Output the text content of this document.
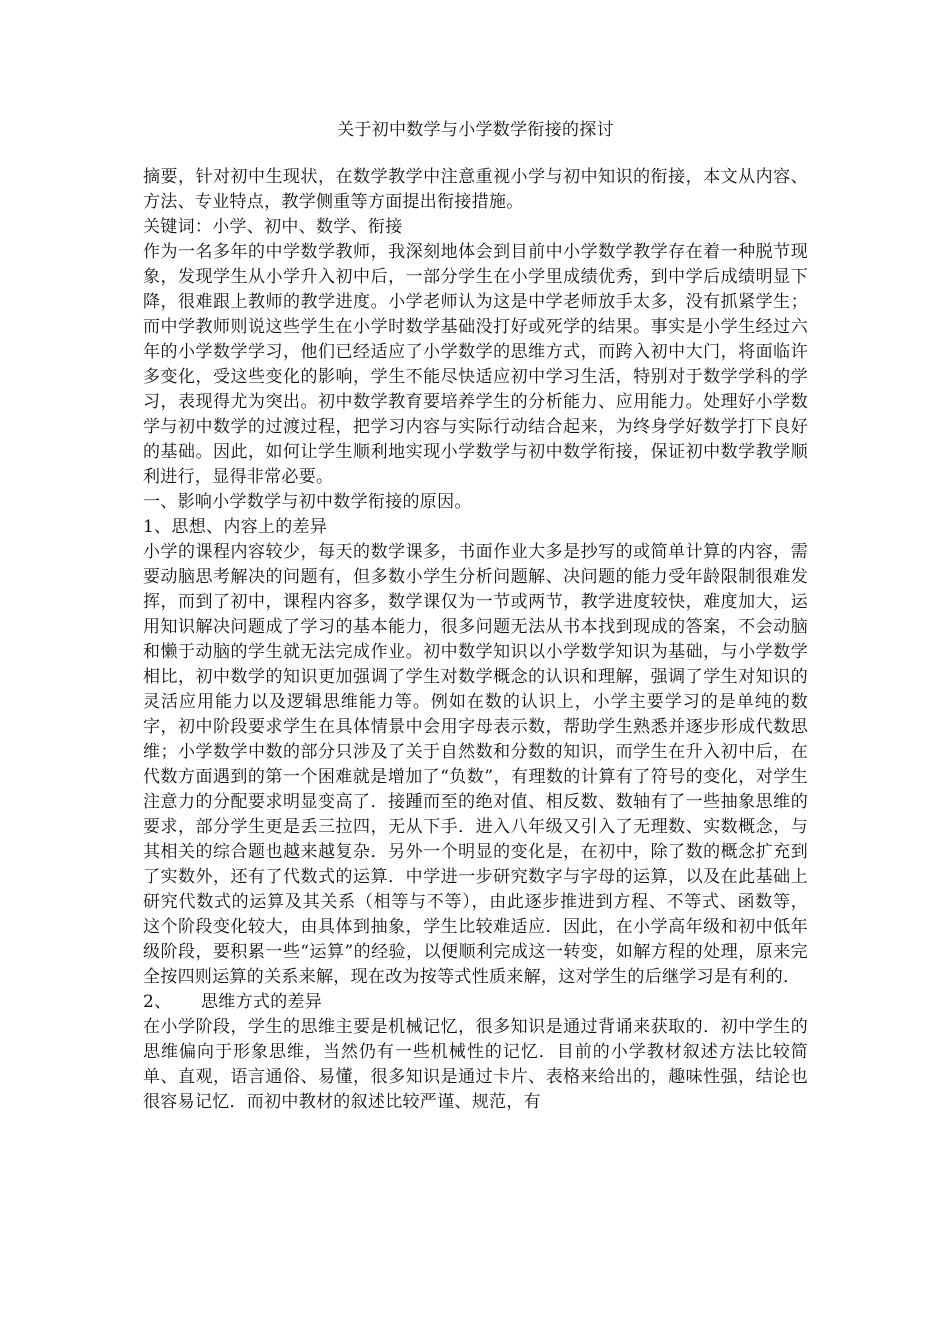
关于初中数学与小学数学衔接的探讨

摘要，针对初中生现状，在数学教学中注意重视小学与初中知识的衔接，本文从内容、方法、专业特点，教学侧重等方面提出衔接措施。

关键词：小学、初中、数学、衔接

作为一名多年的中学数学教师，我深刻地体会到目前中小学数学教学存在着一种脱节现象，发现学生从小学升入初中后，一部分学生在小学里成绩优秀，到中学后成绩明显下降，很难跟上教师的教学进度。小学老师认为这是中学老师放手太多，没有抓紧学生；而中学教师则说这些学生在小学时数学基础没打好或死学的结果。事实是小学生经过六年的小学数学学习，他们已经适应了小学数学的思维方式，而跨入初中大门，将面临许多变化，受这些变化的影响，学生不能尽快适应初中学习生活，特别对于数学学科的学习，表现得尤为突出。初中数学教育要培养学生的分析能力、应用能力。处理好小学数学与初中数学的过渡过程，把学习内容与实际行动结合起来，为终身学好数学打下良好的基础。因此，如何让学生顺利地实现小学数学与初中数学衔接，保证初中数学教学顺利进行，显得非常必要。

一、影响小学数学与初中数学衔接的原因。

1、思想、内容上的差异

小学的课程内容较少，每天的数学课多，书面作业大多是抄写的或简单计算的内容，需要动脑思考解决的问题有，但多数小学生分析问题解、决问题的能力受年龄限制很难发挥，而到了初中，课程内容多，数学课仅为一节或两节，教学进度较快，难度加大，运用知识解决问题成了学习的基本能力，很多问题无法从书本找到现成的答案，不会动脑和懒于动脑的学生就无法完成作业。初中数学知识以小学数学知识为基础，与小学数学相比，初中数学的知识更加强调了学生对数学概念的认识和理解，强调了学生对知识的灵活应用能力以及逻辑思维能力等。例如在数的认识上，小学主要学习的是单纯的数字，初中阶段要求学生在具体情景中会用字母表示数，帮助学生熟悉并逐步形成代数思维；小学数学中数的部分只涉及了关于自然数和分数的知识，而学生在升入初中后，在代数方面遇到的第一个困难就是增加了“负数”，有理数的计算有了符号的变化，对学生注意力的分配要求明显变高了．接踵而至的绝对值、相反数、数轴有了一些抽象思维的要求，部分学生更是丢三拉四，无从下手．进入八年级又引入了无理数、实数概念，与其相关的综合题也越来越复杂．另外一个明显的变化是，在初中，除了数的概念扩充到了实数外，还有了代数式的运算．中学进一步研究数字与字母的运算，以及在此基础上研究代数式的运算及其关系（相等与不等），由此逐步推进到方程、不等式、函数等，这个阶段变化较大，由具体到抽象，学生比较难适应．因此，在小学高年级和初中低年级阶段，要积累一些“运算”的经验，以便顺利完成这一转变，如解方程的处理，原来完全按四则运算的关系来解，现在改为按等式性质来解，这对学生的后继学习是有利的．

2、 思维方式的差异

在小学阶段，学生的思维主要是机械记忆，很多知识是通过背诵来获取的．初中学生的思维偏向于形象思维，当然仍有一些机械性的记忆．目前的小学教材叙述方法比较简单、直观，语言通俗、易懂，很多知识是通过卡片、表格来给出的，趣味性强，结论也很容易记忆．而初中教材的叙述比较严谨、规范，有
